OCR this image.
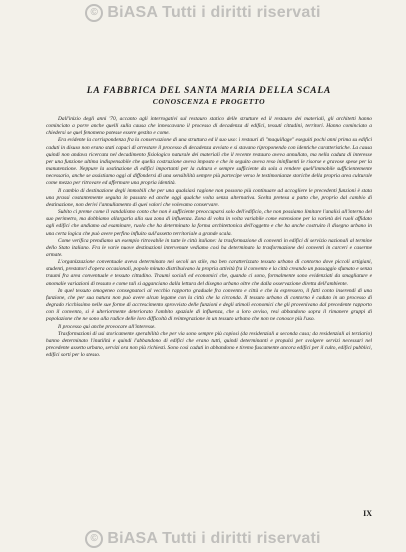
© BiASA Tutti i diritti riservati
LA FABBRICA DEL SANTA MARIA DELLA SCALA
CONOSCENZA E PROGETTO

Dall'inizio degli anni '70, accanto agli interrogativi sul restauro statico delle strutture ed il restauro dei materiali, gli architetti hanno cominciato a porre anche quelli sulla causa che innescavano il processo di decadenza di edifici, tessuti cittadini, territori. Hanno cominciato a chiedersi se quel fenomeno potesse essere gestito e come.

Era evidente la corrispondenza fra la conservazione di una struttura ed il suo uso: i restauri di "maquillage" eseguiti pochi anni prima su edifici caduti in disuso non erano stati capaci di arrestare il processo di decadenza avviato e si stavano riproponendo con identiche caratteristiche. La causa quindi non andava ricercata nel decadimento fisiologico naturale dei materiali che il recente restauro aveva annullato, ma nella caduta di interesse per una funzione ultima indispensabile che quella costruzione aveva imposto e che in seguito aveva reso ininfluenti le risorse e gravose spese per la manutenzione. Neppure la sostituzione di edifici importanti per la cultura e sempre sufficiente da sola a rendere quell'immobile sufficientemente necessario, anche se assistiamo oggi al diffondersi di una sensibilità sempre più partecipe verso le testimonianze storiche della propria area culturale come mezzo per ritrovare ed affermare una propria identità.

Il cambio di destinazione degli immobili che per una qualsiasi ragione non possono più continuare ad accogliere le precedenti funzioni è stata una prassi costantemente seguita in passato ed anche oggi qualche volta senza alternativa. Scelta pretesa a patto che, proprio dal cambio di destinazione, non derivi l'annullamento di quei valori che volevamo conservare.

Subito ci preme come il vandalismo conto che non è sufficiente preoccuparsi solo dell'edificio, che non possiamo limitare l'analisi all'interno del suo perimetro, ma dobbiamo allargarla alla sua zona di influenza. Zona di volta in volta variabile come estensione per la varietà dei ruoli affidato agli edifici che andiamo ad esaminare, ruolo che ha determinato la forma architettonica dell'oggetto e che ha anche costruito il disegno urbano in una certa logica che può avere perfino influito sull'assetto territoriale a grande scala.

Come verifica prendiamo un esempio ritrovabile in tutte le città italiane: la trasformazione di conventi in edifici di servizio nazionali al termine dello Stato italiano. Fra le varie nuove destinazioni intervenute vediamo così ha determinato la trasformazione dei conventi in carceri e caserme armate.

L'organizzazione conventuale aveva determinato nei secoli un stile, ma ben caratterizzato tessuto urbano di contorno dove piccoli artigiani, studenti, prestatori d'opera occasionali, popolo minuto distribuivano la propria attività fra il convento e la città creando un passaggio sfumato e senza traumi fra area conventuale e tessuto cittadino. Traumi sociali ed economici che, quando ci sono, formalmente sono evidenziati da smagliature e anomalie variazioni di tessuto e come tali si agganciano dalla lettura del disegno urbano oltre che dalla osservazione diretta dell'ambiente.

In quel tessuto omogeneo consegnatoci al vecchio rapporto graduale fra convento e città e che la espressero, il fatti conto inserendi di una funzione, che per sua natura non può avere alcun legame con la città che la circonda. Il tessuto urbano di contorno è caduto in un processo di degrado ricchissimo nelle sue forme di accrescimento sprovvisto delle funzioni e degli stimoli economici che gli provenivano dal precedente rapporto con il convento, si è ulteriormente deteriorato l'ambito spaziale di influenza, che a loro avviso, resi abbandono sopra il rimanere gruppi di popolazione che ne sono alla radice delle loro difficoltà di reintegrazione in un tessuto urbano che non ne conosce più l'uso.

Il processo qui anche provocare all'interesse.

Trasformazioni di usi storicamente sperabilità che per via sono sempre più copiosi (da residenziali a seconda casa; da residenziali ai terziario) hanno determinato l'inutilità e quindi l'abbandono di edifici che erano tutti, quindi determinanti e propulsi per svolgere servizi necessari nel precedente assetto urbano, servizi ora non più richiesti. Sono così caduti in abbandono e tiremo fuscamente ancora edifici per il culto, edifici pubblici, edifici sorti per lo stesso.

IX
© BiASA Tutti i diritti riservati
